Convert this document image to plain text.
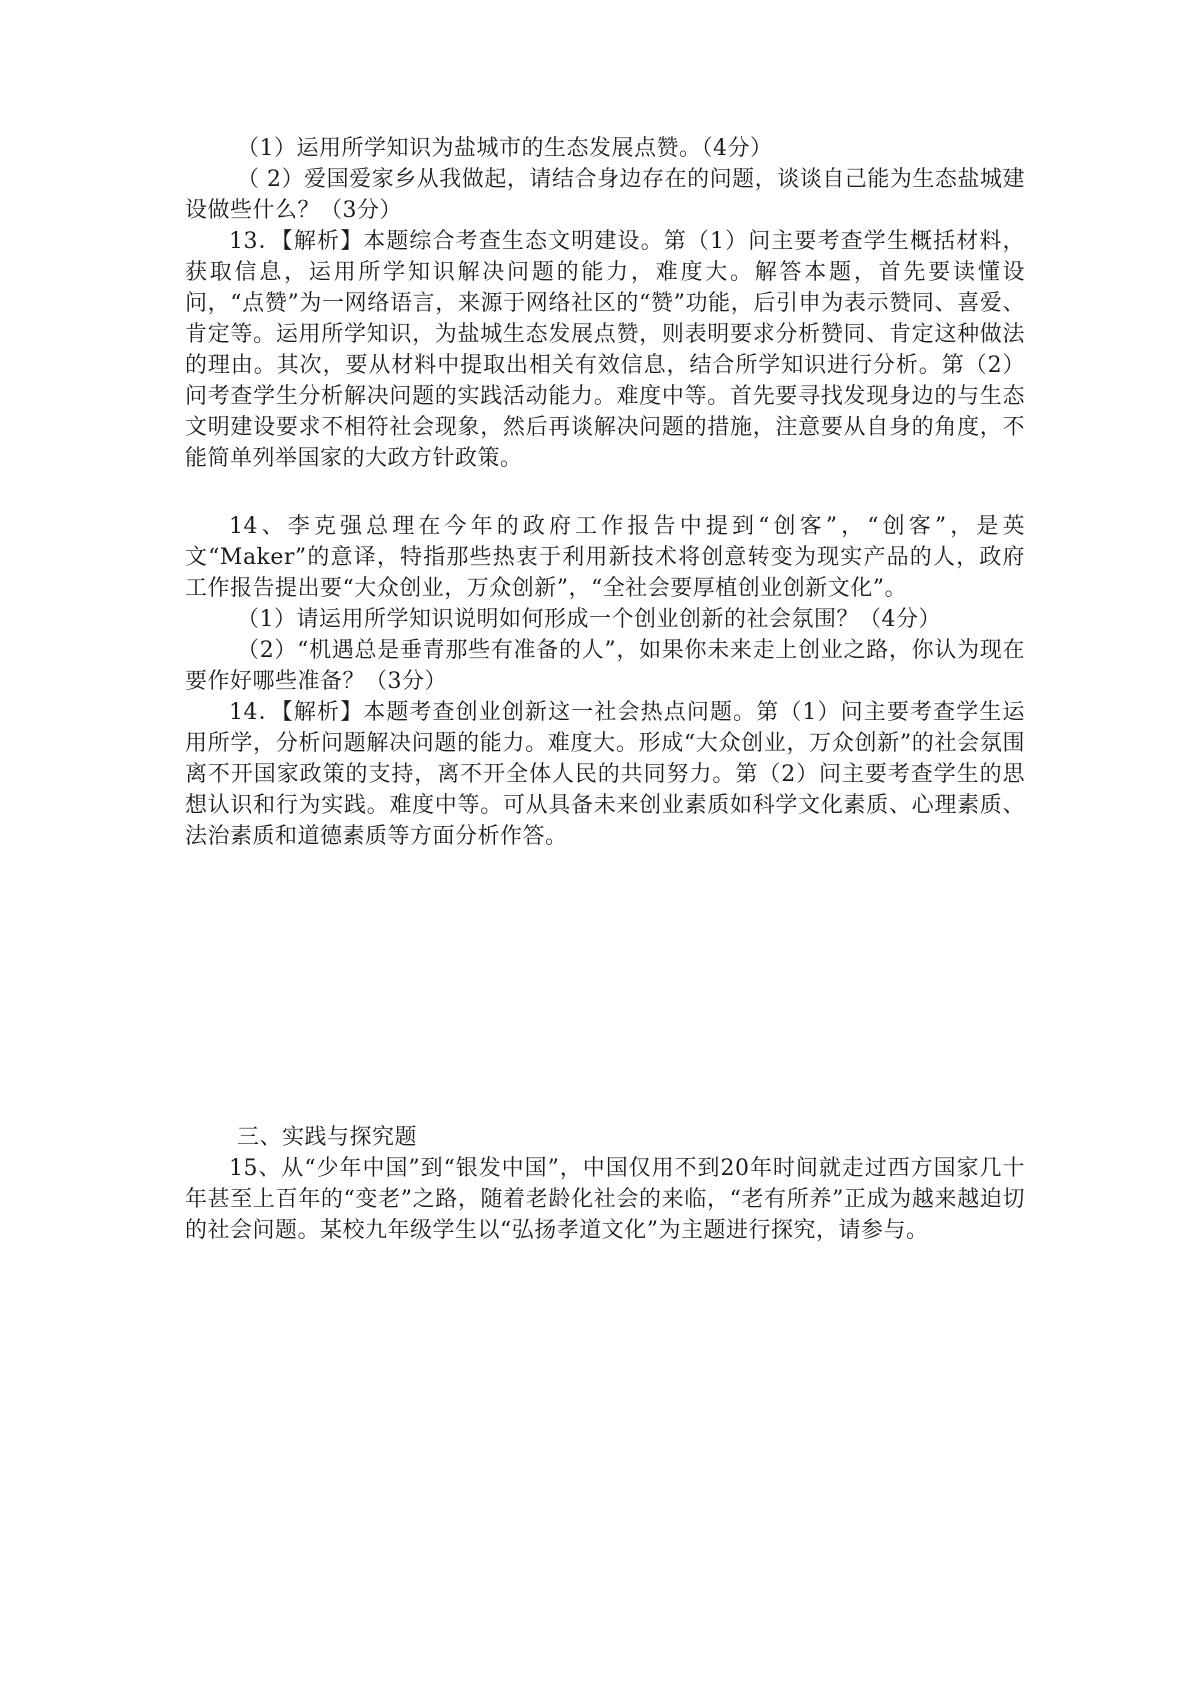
（1）运用所学知识为盐城市的生态发展点赞。（4分）

（ 2）爱国爱家乡从我做起，请结合身边存在的问题，谈谈自己能为生态盐城建设做些什么？（3分）

13．【解析】本题综合考查生态文明建设。第（1）问主要考查学生概括材料，获取信息，运用所学知识解决问题的能力，难度大。解答本题，首先要读懂设问，“点赞”为一网络语言，来源于网络社区的“赞”功能，后引申为表示赞同、喜爱、肯定等。运用所学知识，为盐城生态发展点赞，则表明要求分析赞同、肯定这种做法的理由。其次，要从材料中提取出相关有效信息，结合所学知识进行分析。第（2）问考查学生分析解决问题的实践活动能力。难度中等。首先要寻找发现身边的与生态文明建设要求不相符社会现象，然后再谈解决问题的措施，注意要从自身的角度，不能简单列举国家的大政方针政策。

14、李克强总理在今年的政府工作报告中提到“创客”，“创客”，是英文“Maker”的意译，特指那些热衷于利用新技术将创意转变为现实产品的人，政府工作报告提出要“大众创业，万众创新”，“全社会要厚植创业创新文化”。

（1）请运用所学知识说明如何形成一个创业创新的社会氛围？（4分）

（2）“机遇总是垂青那些有准备的人”，如果你未来走上创业之路，你认为现在要作好哪些准备？（3分）

14．【解析】本题考查创业创新这一社会热点问题。第（1）问主要考查学生运用所学，分析问题解决问题的能力。难度大。形成“大众创业，万众创新”的社会氛围离不开国家政策的支持，离不开全体人民的共同努力。第（2）问主要考查学生的思想认识和行为实践。难度中等。可从具备未来创业素质如科学文化素质、心理素质、法治素质和道德素质等方面分析作答。

三、实践与探究题

15、从“少年中国”到“银发中国”，中国仅用不到20年时间就走过西方国家几十年甚至上百年的“变老”之路，随着老龄化社会的来临，“老有所养”正成为越来越迫切的社会问题。某校九年级学生以“弘扬孝道文化”为主题进行探究，请参与。
